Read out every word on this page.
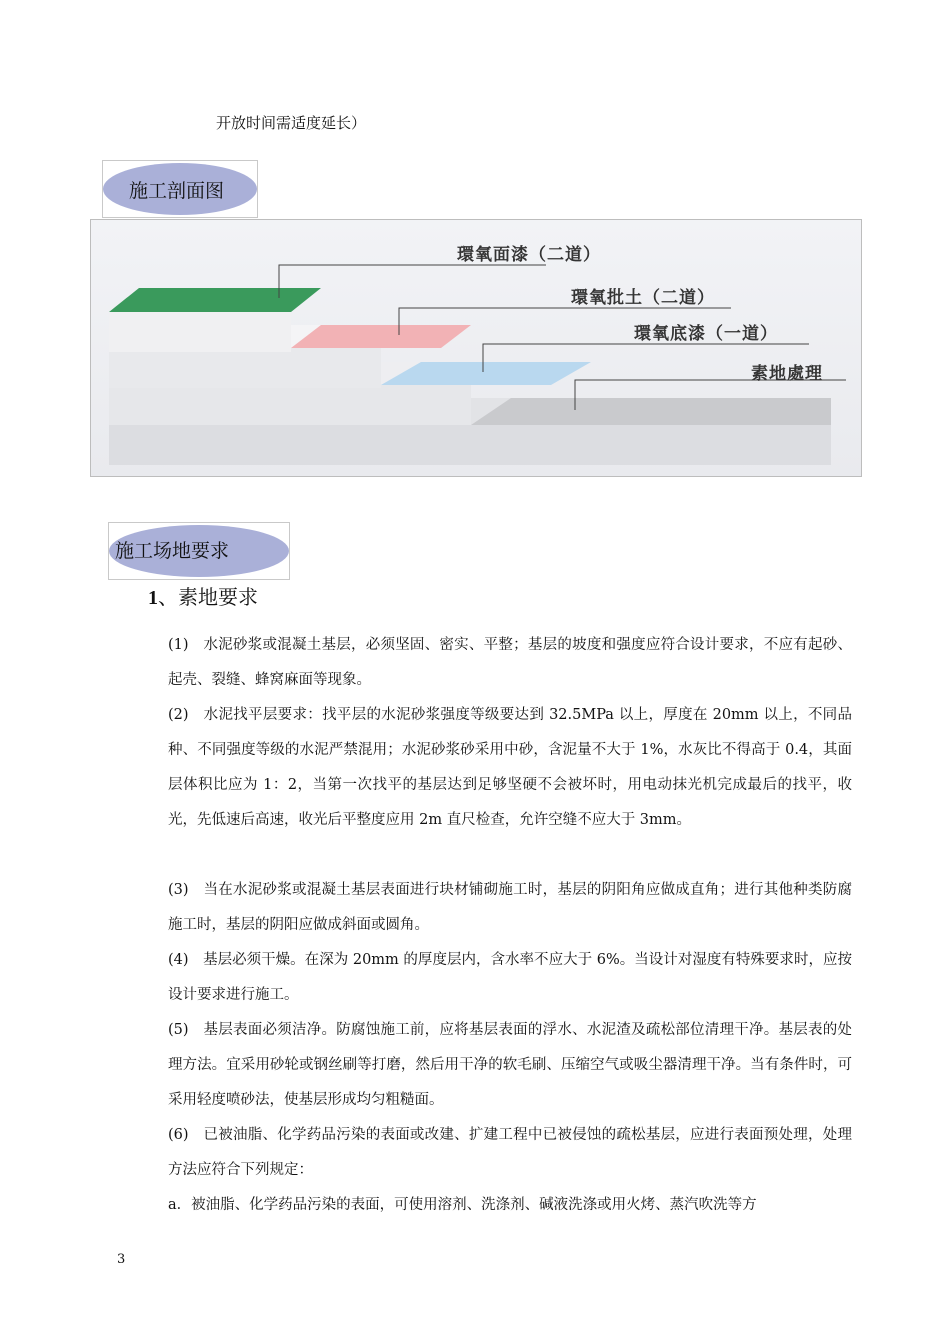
开放时间需适度延长）
施工剖面图
環氧面漆（二道）
環氧批土（二道）
環氧底漆（一道）
素地處理
施工场地要求
1、素地要求

(1)　水泥砂浆或混凝土基层，必须坚固、密实、平整；基层的坡度和强度应符合设计要求，不应有起砂、起壳、裂缝、蜂窝麻面等现象。

(2)　水泥找平层要求：找平层的水泥砂浆强度等级要达到 32.5MPa 以上，厚度在 20mm 以上，不同品种、不同强度等级的水泥严禁混用；水泥砂浆砂采用中砂，含泥量不大于 1%，水灰比不得高于 0.4，其面层体积比应为 1：2，当第一次找平的基层达到足够坚硬不会被坏时，用电动抹光机完成最后的找平，收光，先低速后高速，收光后平整度应用 2m 直尺检查，允许空缝不应大于 3mm。

(3)　当在水泥砂浆或混凝土基层表面进行块材铺砌施工时，基层的阴阳角应做成直角；进行其他种类防腐施工时，基层的阴阳应做成斜面或圆角。

(4)　基层必须干燥。在深为 20mm 的厚度层内，含水率不应大于 6%。当设计对湿度有特殊要求时，应按设计要求进行施工。

(5)　基层表面必须洁净。防腐蚀施工前，应将基层表面的浮水、水泥渣及疏松部位清理干净。基层表的处理方法。宜采用砂轮或钢丝刷等打磨，然后用干净的软毛刷、压缩空气或吸尘器清理干净。当有条件时，可采用轻度喷砂法，使基层形成均匀粗糙面。

(6)　已被油脂、化学药品污染的表面或改建、扩建工程中已被侵蚀的疏松基层，应进行表面预处理，处理方法应符合下列规定：

a．被油脂、化学药品污染的表面，可使用溶剂、洗涤剂、碱液洗涤或用火烤、蒸汽吹洗等方

3
